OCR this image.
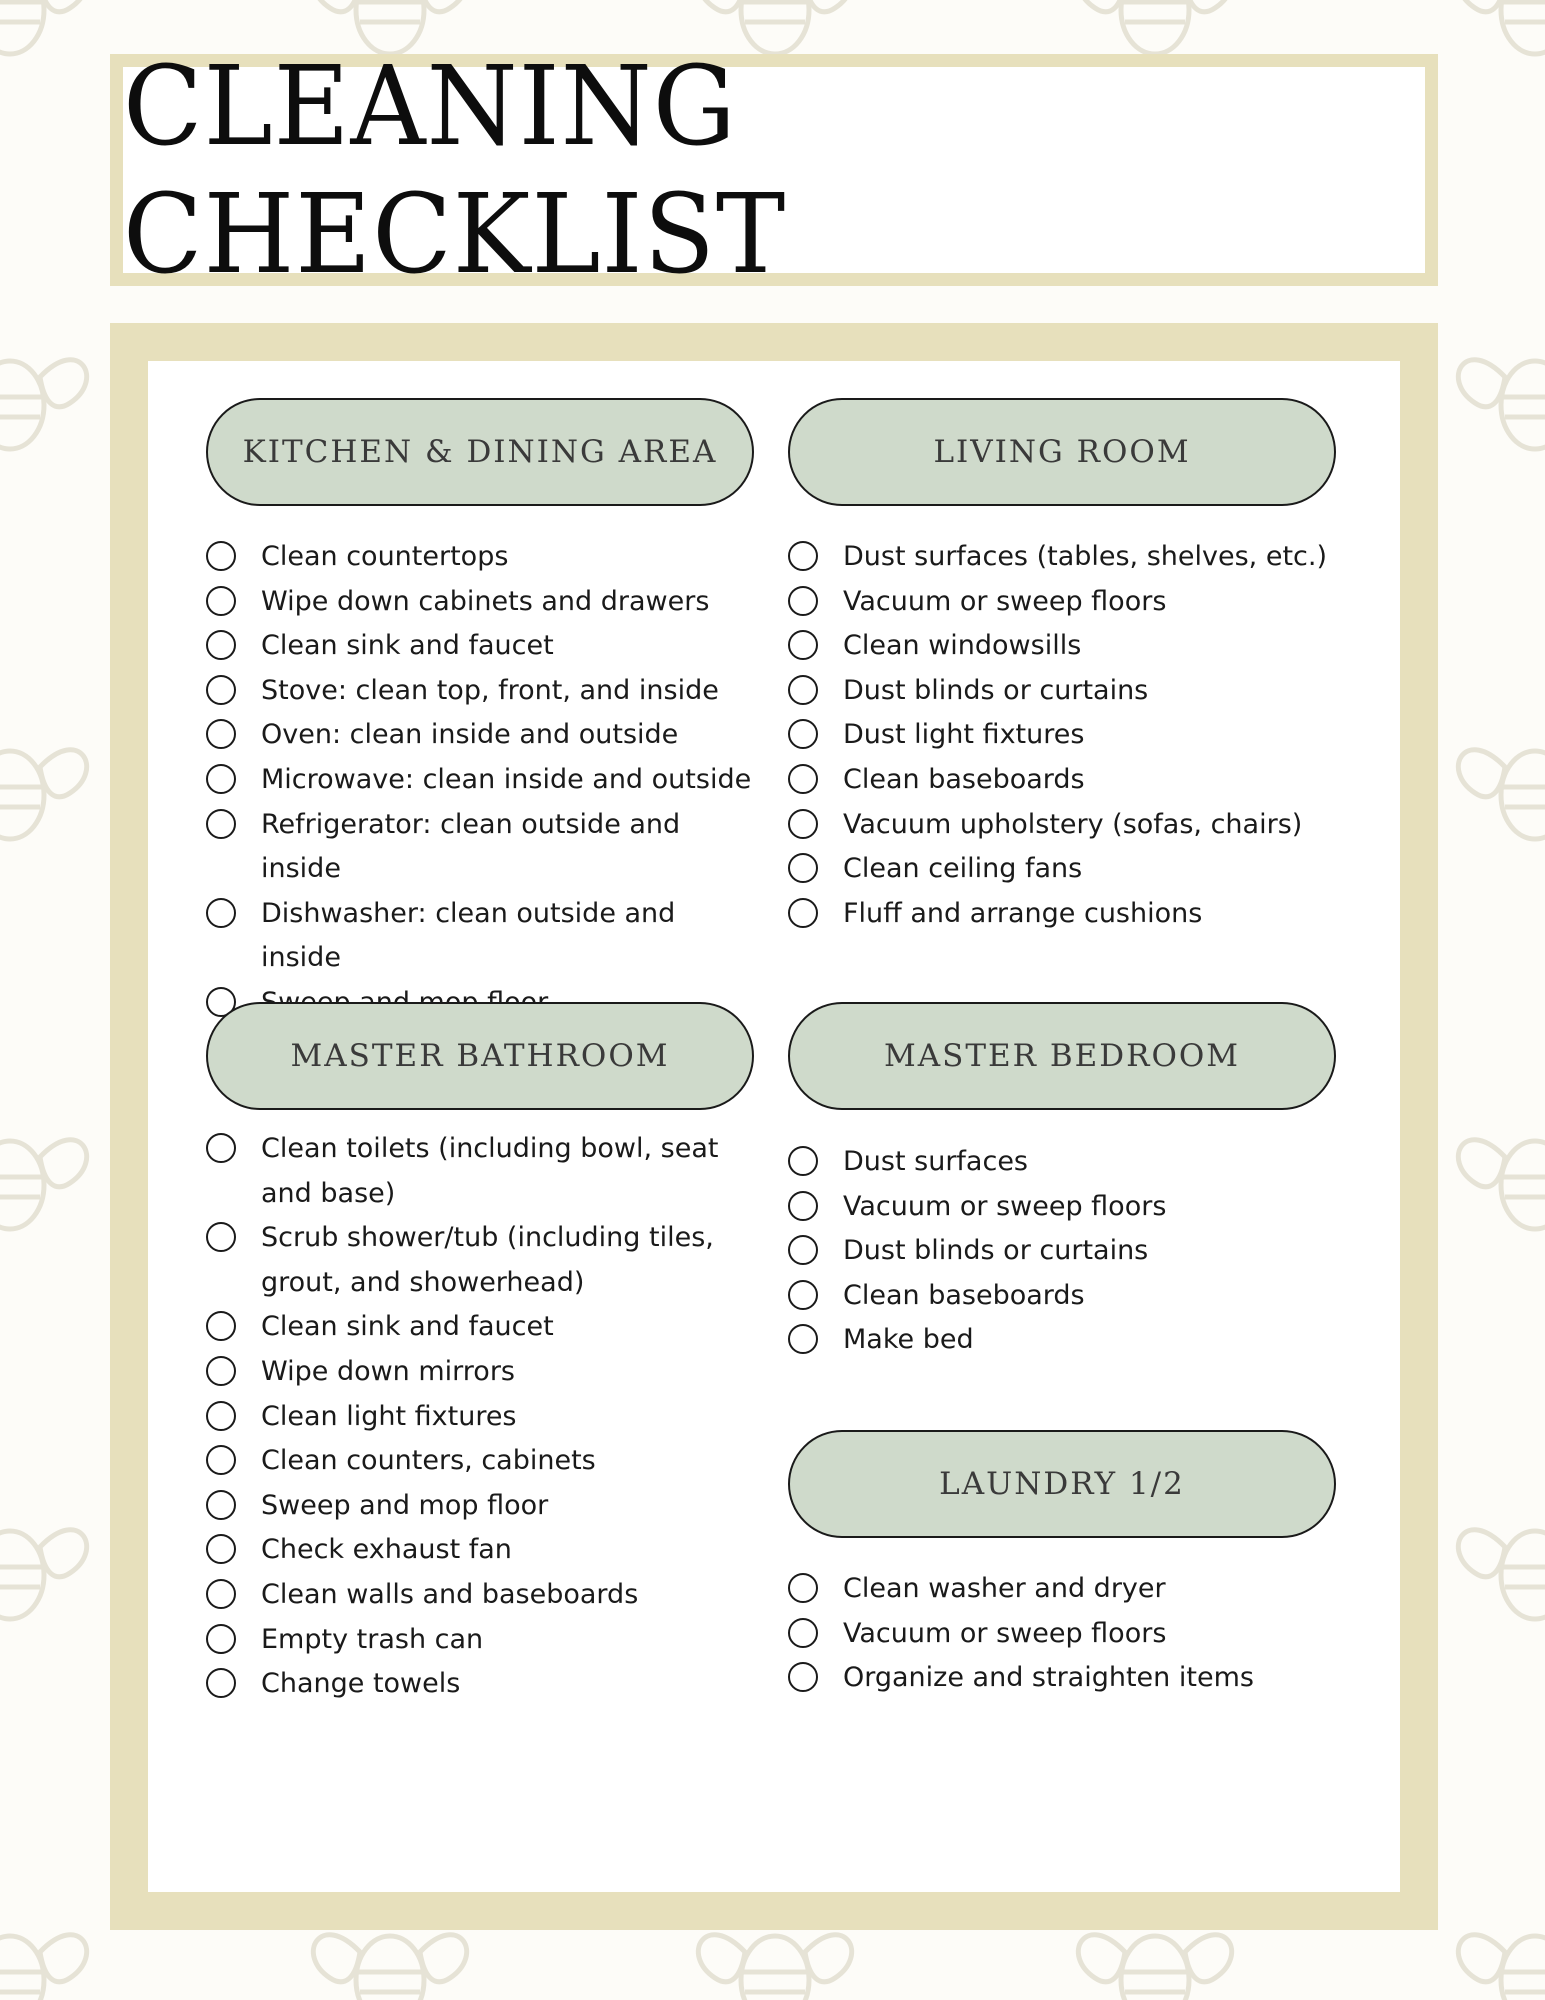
CLEANING CHECKLIST
KITCHEN & DINING AREA
Clean countertops
Wipe down cabinets and drawers
Clean sink and faucet
Stove: clean top, front, and inside
Oven: clean inside and outside
Microwave: clean inside and outside
Refrigerator: clean outside and inside
Dishwasher: clean outside and inside
LIVING ROOM
Dust surfaces (tables, shelves, etc.)
Vacuum or sweep floors
Clean windowsills
Dust blinds or curtains
Dust light fixtures
Clean baseboards
Vacuum upholstery (sofas, chairs)
Clean ceiling fans
Fluff and arrange cushions
MASTER BATHROOM
Clean toilets (including bowl, seat and base)
Scrub shower/tub (including tiles, grout, and showerhead)
Clean sink and faucet
Wipe down mirrors
Clean light fixtures
Clean counters, cabinets
Sweep and mop floor
Check exhaust fan
Clean walls and baseboards
Empty trash can
Change towels
MASTER BEDROOM
Dust surfaces
Vacuum or sweep floors
Dust blinds or curtains
Clean baseboards
Make bed
LAUNDRY 1/2
Clean washer and dryer
Vacuum or sweep floors
Organize and straighten items
